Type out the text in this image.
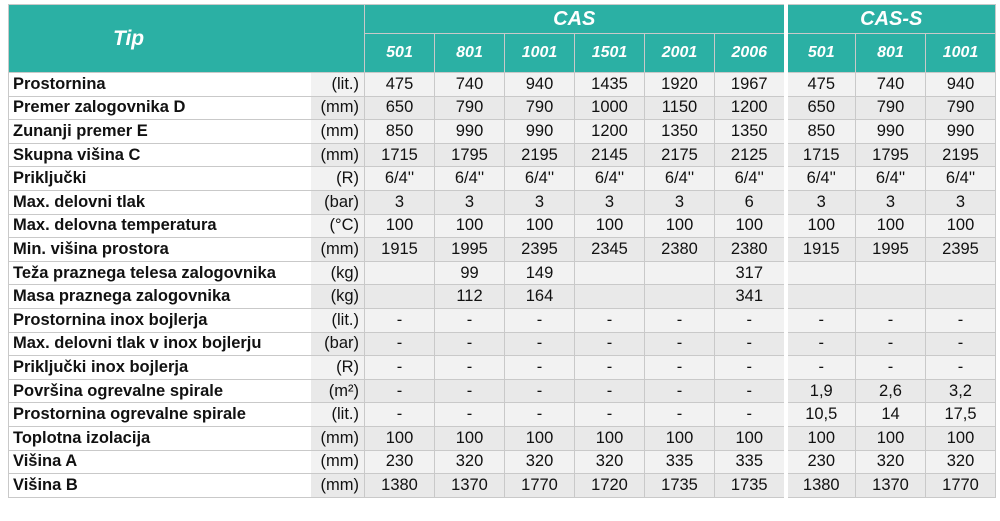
Tip		CAS						CAS-S		
		501	801	1001	1501	2001	2006	501	801	1001
Prostornina	(lit.)	475	740	940	1435	1920	1967	475	740	940
Premer zalogovnika D	(mm)	650	790	790	1000	1150	1200	650	790	790
Zunanji premer E	(mm)	850	990	990	1200	1350	1350	850	990	990
Skupna višina C	(mm)	1715	1795	2195	2145	2175	2125	1715	1795	2195
Priključki	(R)	6/4''	6/4''	6/4''	6/4''	6/4''	6/4''	6/4''	6/4''	6/4''
Max. delovni tlak	(bar)	3	3	3	3	3	6	3	3	3
Max. delovna temperatura	(°C)	100	100	100	100	100	100	100	100	100
Min. višina prostora	(mm)	1915	1995	2395	2345	2380	2380	1915	1995	2395
Teža praznega telesa zalogovnika	(kg)		99	149			317			
Masa praznega zalogovnika	(kg)		112	164			341			
Prostornina inox bojlerja	(lit.)	-	-	-	-	-	-	-	-	-
Max. delovni tlak v inox bojlerju	(bar)	-	-	-	-	-	-	-	-	-
Priključki inox bojlerja	(R)	-	-	-	-	-	-	-	-	-
Površina ogrevalne spirale	(m²)	-	-	-	-	-	-	1,9	2,6	3,2
Prostornina ogrevalne spirale	(lit.)	-	-	-	-	-	-	10,5	14	17,5
Toplotna izolacija	(mm)	100	100	100	100	100	100	100	100	100
Višina A	(mm)	230	320	320	320	335	335	230	320	320
Višina B	(mm)	1380	1370	1770	1720	1735	1735	1380	1370	1770
